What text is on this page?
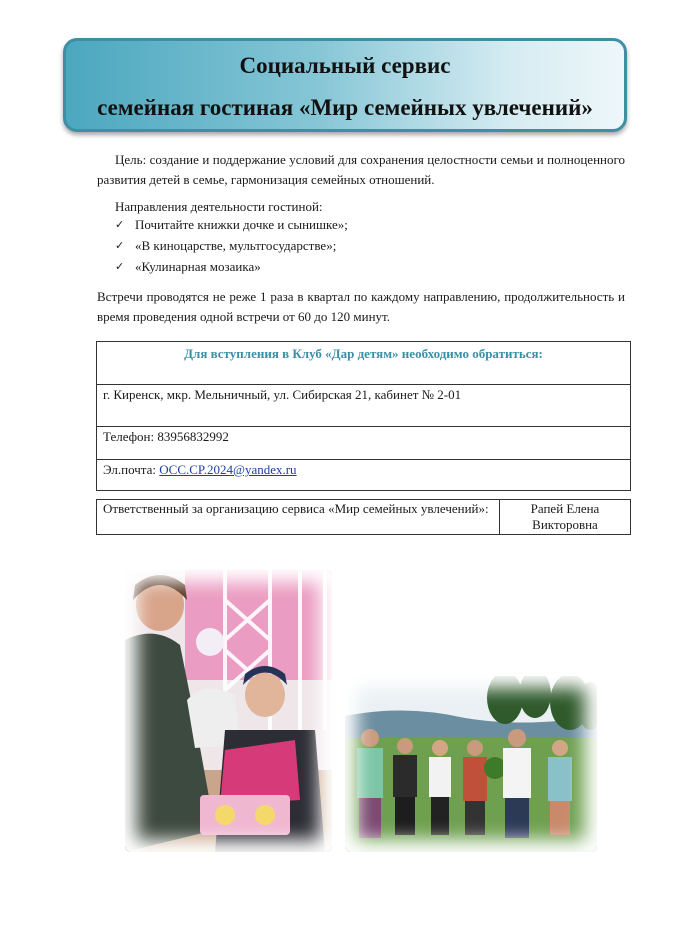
Социальный сервис
семейная гостиная «Мир семейных увлечений»
Цель: создание и поддержание условий для сохранения целостности семьи и полноценного развития детей в семье, гармонизация семейных отношений.
Направления деятельности гостиной:
✓ Почитайте книжки дочке и сынишке»;
✓ «В киноцарстве, мультгосударстве»;
✓ «Кулинарная мозаика»
Встречи проводятся не реже 1 раза в квартал по каждому направлению, продолжительность и время проведения одной встречи от 60 до 120 минут.
Для вступления в Клуб «Дар детям» необходимо обратиться:
г. Киренск, мкр. Мельничный, ул. Сибирская 21, кабинет № 2-01
Телефон: 83956832992
Эл.почта: OCC.CP.2024@yandex.ru
Ответственный за организацию сервиса «Мир семейных увлечений»:	Рапей Елена Викторовна
